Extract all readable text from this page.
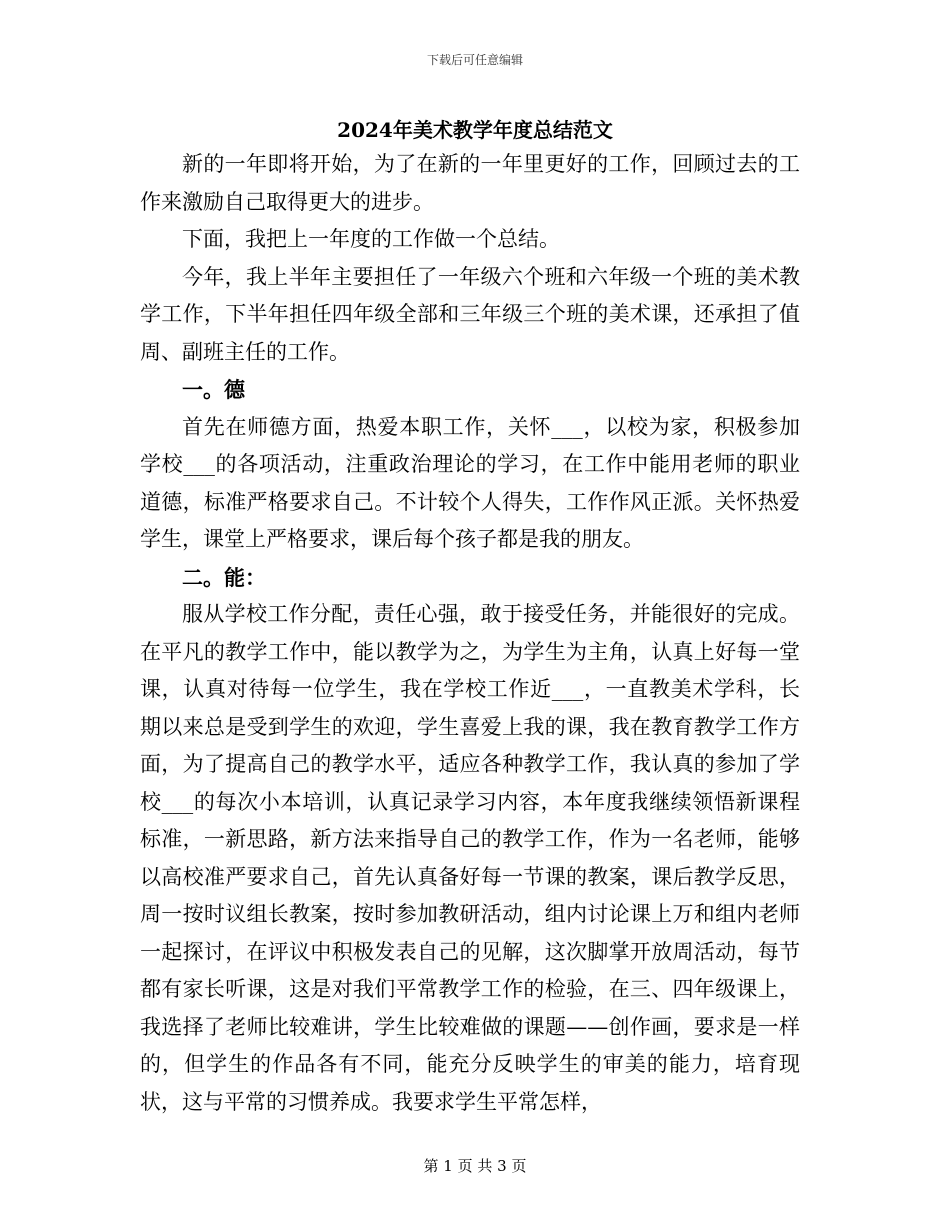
下载后可任意编辑
2024年美术教学年度总结范文

新的一年即将开始，为了在新的一年里更好的工作，回顾过去的工作来激励自己取得更大的进步。

下面，我把上一年度的工作做一个总结。

今年，我上半年主要担任了一年级六个班和六年级一个班的美术教学工作，下半年担任四年级全部和三年级三个班的美术课，还承担了值周、副班主任的工作。

一。德

首先在师德方面，热爱本职工作，关怀___，以校为家，积极参加学校___的各项活动，注重政治理论的学习，在工作中能用老师的职业道德，标准严格要求自己。不计较个人得失，工作作风正派。关怀热爱学生，课堂上严格要求，课后每个孩子都是我的朋友。

二。能：

服从学校工作分配，责任心强，敢于接受任务，并能很好的完成。在平凡的教学工作中，能以教学为之，为学生为主角，认真上好每一堂课，认真对待每一位学生，我在学校工作近___，一直教美术学科，长期以来总是受到学生的欢迎，学生喜爱上我的课，我在教育教学工作方面，为了提高自己的教学水平，适应各种教学工作，我认真的参加了学校___的每次小本培训，认真记录学习内容，本年度我继续领悟新课程标准，一新思路，新方法来指导自己的教学工作，作为一名老师，能够以高校准严要求自己，首先认真备好每一节课的教案，课后教学反思，周一按时议组长教案，按时参加教研活动，组内讨论课上万和组内老师一起探讨，在评议中积极发表自己的见解，这次脚掌开放周活动，每节都有家长听课，这是对我们平常教学工作的检验，在三、四年级课上，我选择了老师比较难讲，学生比较难做的课题——创作画，要求是一样的，但学生的作品各有不同，能充分反映学生的审美的能力，培育现状，这与平常的习惯养成。我要求学生平常怎样，

第 1 页 共 3 页
